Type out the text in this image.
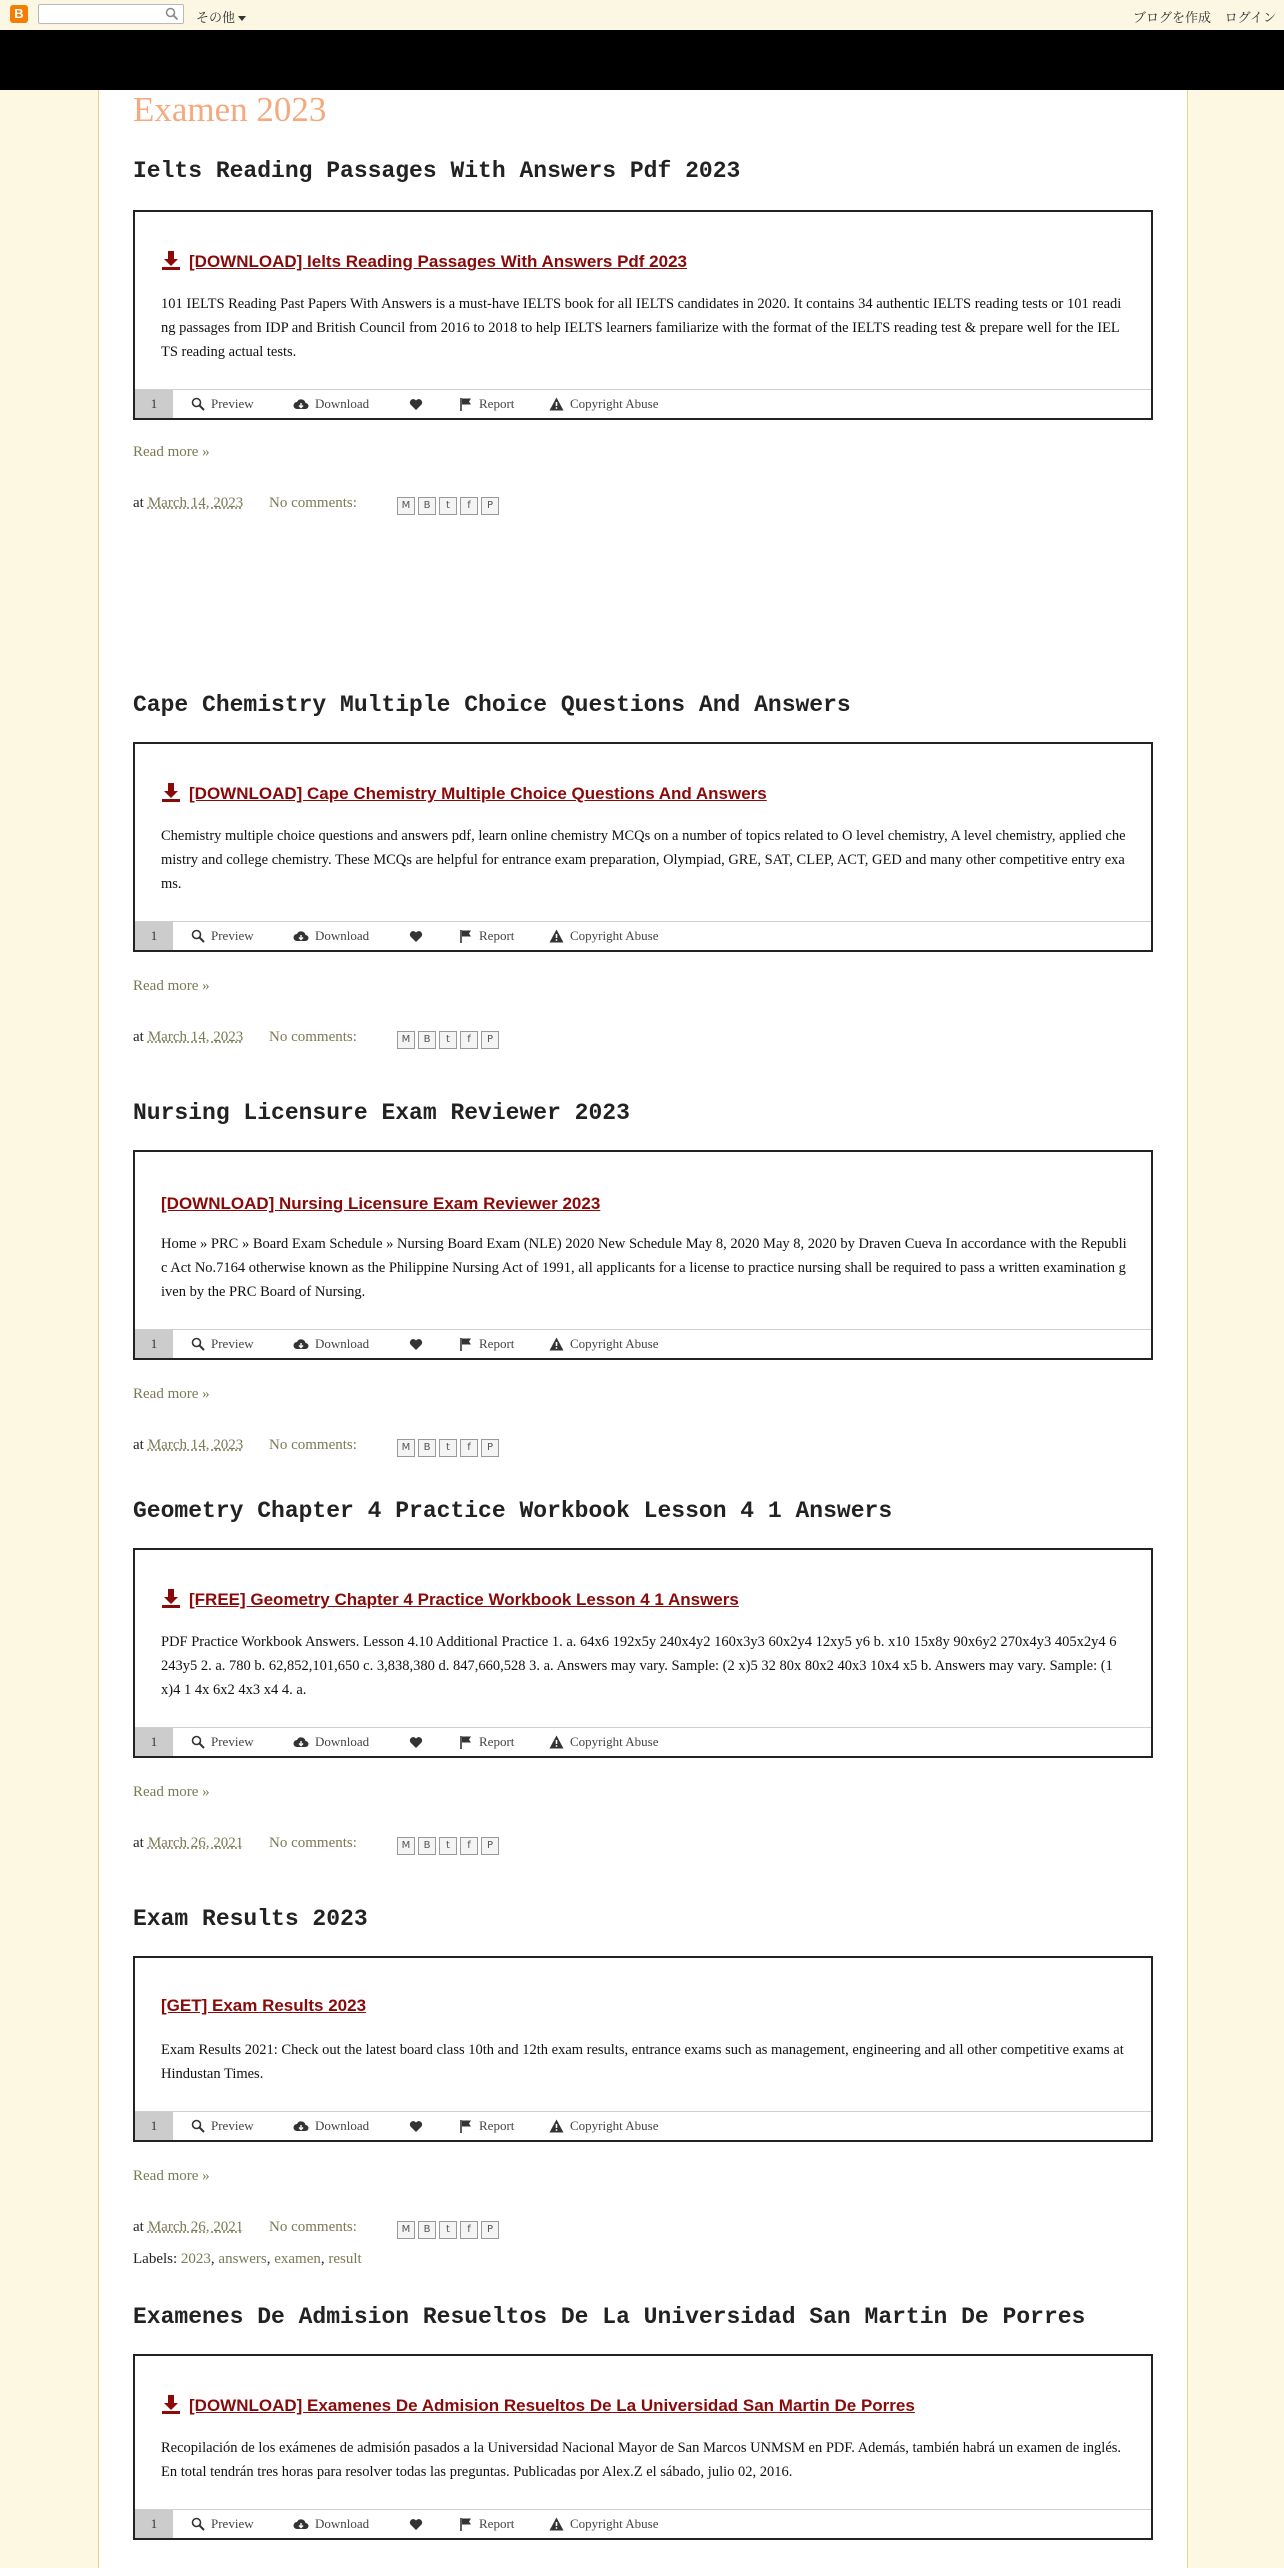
B	その他	ブログを作成 ログイン
Examen 2023
Ielts Reading Passages With Answers Pdf 2023
[DOWNLOAD] Ielts Reading Passages With Answers Pdf 2023
101 IELTS Reading Past Papers With Answers is a must-have IELTS book for all IELTS candidates in 2020. It contains 34 authentic IELTS reading tests or 101 reading passages from IDP and British Council from 2016 to 2018 to help IELTS learners familiarize with the format of the IELTS reading test & prepare well for the IELTS reading actual tests.
1	Preview	Download	Report	Copyright Abuse
Read more »
at March 14, 2023 No comments:	M B t f P
Cape Chemistry Multiple Choice Questions And Answers
[DOWNLOAD] Cape Chemistry Multiple Choice Questions And Answers
Chemistry multiple choice questions and answers pdf, learn online chemistry MCQs on a number of topics related to O level chemistry, A level chemistry, applied chemistry and college chemistry. These MCQs are helpful for entrance exam preparation, Olympiad, GRE, SAT, CLEP, ACT, GED and many other competitive entry exams.
1	Preview	Download	Report	Copyright Abuse
Read more »
at March 14, 2023 No comments:	M B t f P
Nursing Licensure Exam Reviewer 2023
[DOWNLOAD] Nursing Licensure Exam Reviewer 2023
Home » PRC » Board Exam Schedule » Nursing Board Exam (NLE) 2020 New Schedule May 8, 2020 May 8, 2020 by Draven Cueva In accordance with the Republic Act No.7164 otherwise known as the Philippine Nursing Act of 1991, all applicants for a license to practice nursing shall be required to pass a written examination given by the PRC Board of Nursing.
1	Preview	Download	Report	Copyright Abuse
Read more »
at March 14, 2023 No comments:	M B t f P
Geometry Chapter 4 Practice Workbook Lesson 4 1 Answers
[FREE] Geometry Chapter 4 Practice Workbook Lesson 4 1 Answers
PDF Practice Workbook Answers. Lesson 4.10 Additional Practice 1. a. 64x6 192x5y 240x4y2 160x3y3 60x2y4 12xy5 y6 b. x10 15x8y 90x6y2 270x4y3 405x2y4 6 243y5 2. a. 780 b. 62,852,101,650 c. 3,838,380 d. 847,660,528 3. a. Answers may vary. Sample: (2 x)5 32 80x 80x2 40x3 10x4 x5 b. Answers may vary. Sample: (1 x)4 1 4x 6x2 4x3 x4 4. a.
1	Preview	Download	Report	Copyright Abuse
Read more »
at March 26, 2021 No comments:	M B t f P
Exam Results 2023
[GET] Exam Results 2023
Exam Results 2021: Check out the latest board class 10th and 12th exam results, entrance exams such as management, engineering and all other competitive exams at Hindustan Times.
1	Preview	Download	Report	Copyright Abuse
Read more »
at March 26, 2021 No comments:	M B t f P
Labels: 2023, answers, examen, result
Examenes De Admision Resueltos De La Universidad San Martin De Porres
[DOWNLOAD] Examenes De Admision Resueltos De La Universidad San Martin De Porres
Recopilación de los exámenes de admisión pasados a la Universidad Nacional Mayor de San Marcos UNMSM en PDF. Además, también habrá un examen de inglés. En total tendrán tres horas para resolver todas las preguntas. Publicadas por Alex.Z el sábado, julio 02, 2016.
1	Preview	Download	Report	Copyright Abuse
